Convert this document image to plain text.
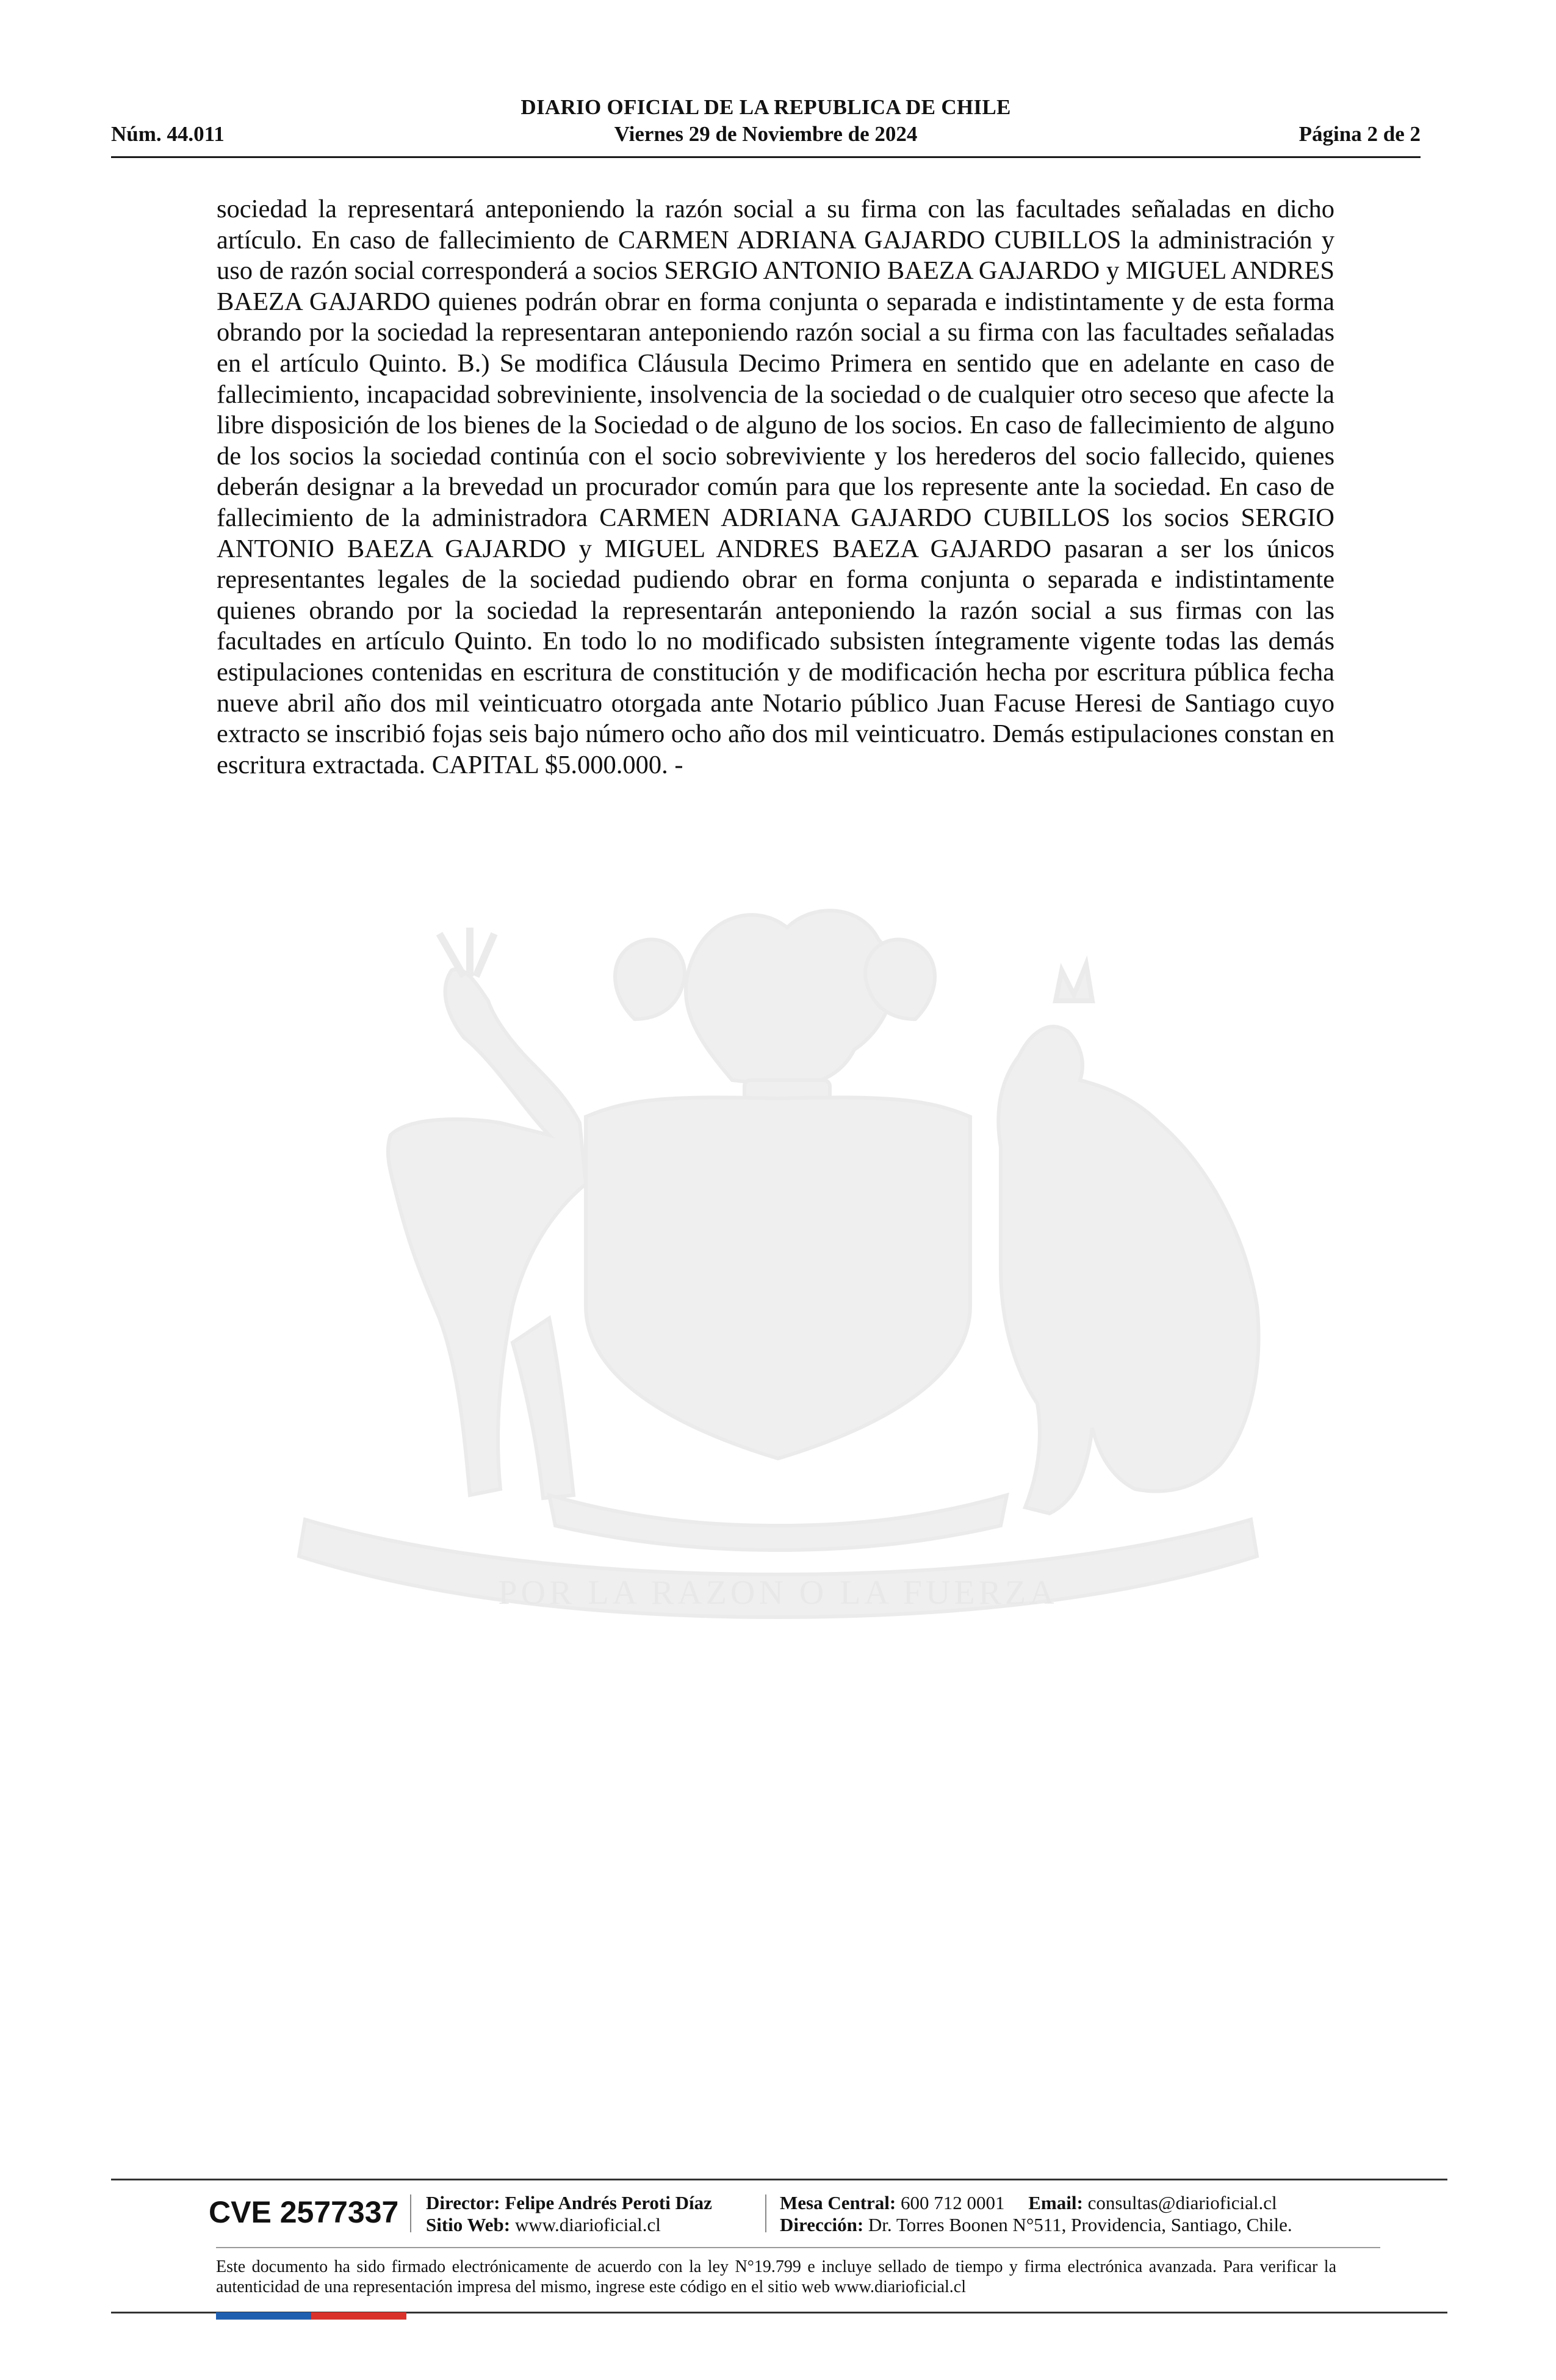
DIARIO OFICIAL DE LA REPUBLICA DE CHILE
Núm. 44.011	Viernes 29 de Noviembre de 2024	Página 2 de 2
POR LA RAZON O LA FUERZA
sociedad la representará anteponiendo la razón social a su firma con las facultades señaladas en dicho artículo. En caso de fallecimiento de CARMEN ADRIANA GAJARDO CUBILLOS la administración y uso de razón social corresponderá a socios SERGIO ANTONIO BAEZA GAJARDO y MIGUEL ANDRES BAEZA GAJARDO quienes podrán obrar en forma conjunta o separada e indistintamente y de esta forma obrando por la sociedad la representaran anteponiendo razón social a su firma con las facultades señaladas en el artículo Quinto. B.) Se modifica Cláusula Decimo Primera en sentido que en adelante en caso de fallecimiento, incapacidad sobreviniente, insolvencia de la sociedad o de cualquier otro seceso que afecte la libre disposición de los bienes de la Sociedad o de alguno de los socios. En caso de fallecimiento de alguno de los socios la sociedad continúa con el socio sobreviviente y los herederos del socio fallecido, quienes deberán designar a la brevedad un procurador común para que los represente ante la sociedad. En caso de fallecimiento de la administradora CARMEN ADRIANA GAJARDO CUBILLOS los socios SERGIO ANTONIO BAEZA GAJARDO y MIGUEL ANDRES BAEZA GAJARDO pasaran a ser los únicos representantes legales de la sociedad pudiendo obrar en forma conjunta o separada e indistintamente quienes obrando por la sociedad la representarán anteponiendo la razón social a sus firmas con las facultades en artículo Quinto. En todo lo no modificado subsisten íntegramente vigente todas las demás estipulaciones contenidas en escritura de constitución y de modificación hecha por escritura pública fecha nueve abril año dos mil veinticuatro otorgada ante Notario público Juan Facuse Heresi de Santiago cuyo extracto se inscribió fojas seis bajo número ocho año dos mil veinticuatro. Demás estipulaciones constan en escritura extractada. CAPITAL $5.000.000. -
CVE 2577337	Director: Felipe Andrés Peroti Díaz
Sitio Web: www.diarioficial.cl
Mesa Central: 600 712 0001 Email: consultas@diarioficial.cl
Dirección: Dr. Torres Boonen N°511, Providencia, Santiago, Chile.
Este documento ha sido firmado electrónicamente de acuerdo con la ley N°19.799 e incluye sellado de tiempo y firma electrónica avanzada. Para verificar la autenticidad de una representación impresa del mismo, ingrese este código en el sitio web www.diarioficial.cl
